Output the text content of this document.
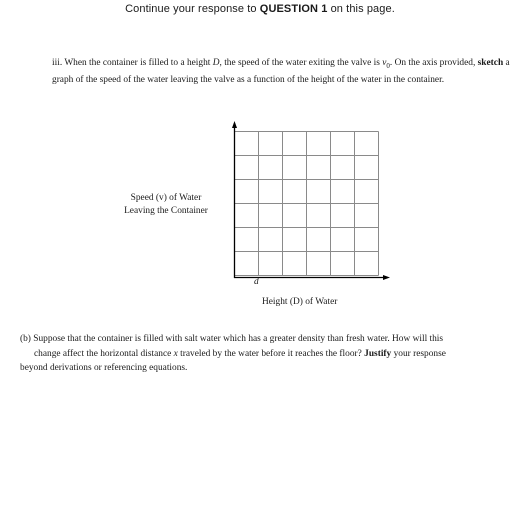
Continue your response to QUESTION 1 on this page.
iii. When the container is filled to a height D, the speed of the water exiting the valve is $v_0$. On the axis provided, sketch a graph of the speed of the water leaving the valve as a function of the height of the water in the container.
Speed (v) of Water
Leaving the Container
d
Height (D) of Water
(b) Suppose that the container is filled with salt water which has a greater density than fresh water. How will this
change affect the horizontal distance x traveled by the water before it reaches the floor? Justify your response
beyond derivations or referencing equations.
